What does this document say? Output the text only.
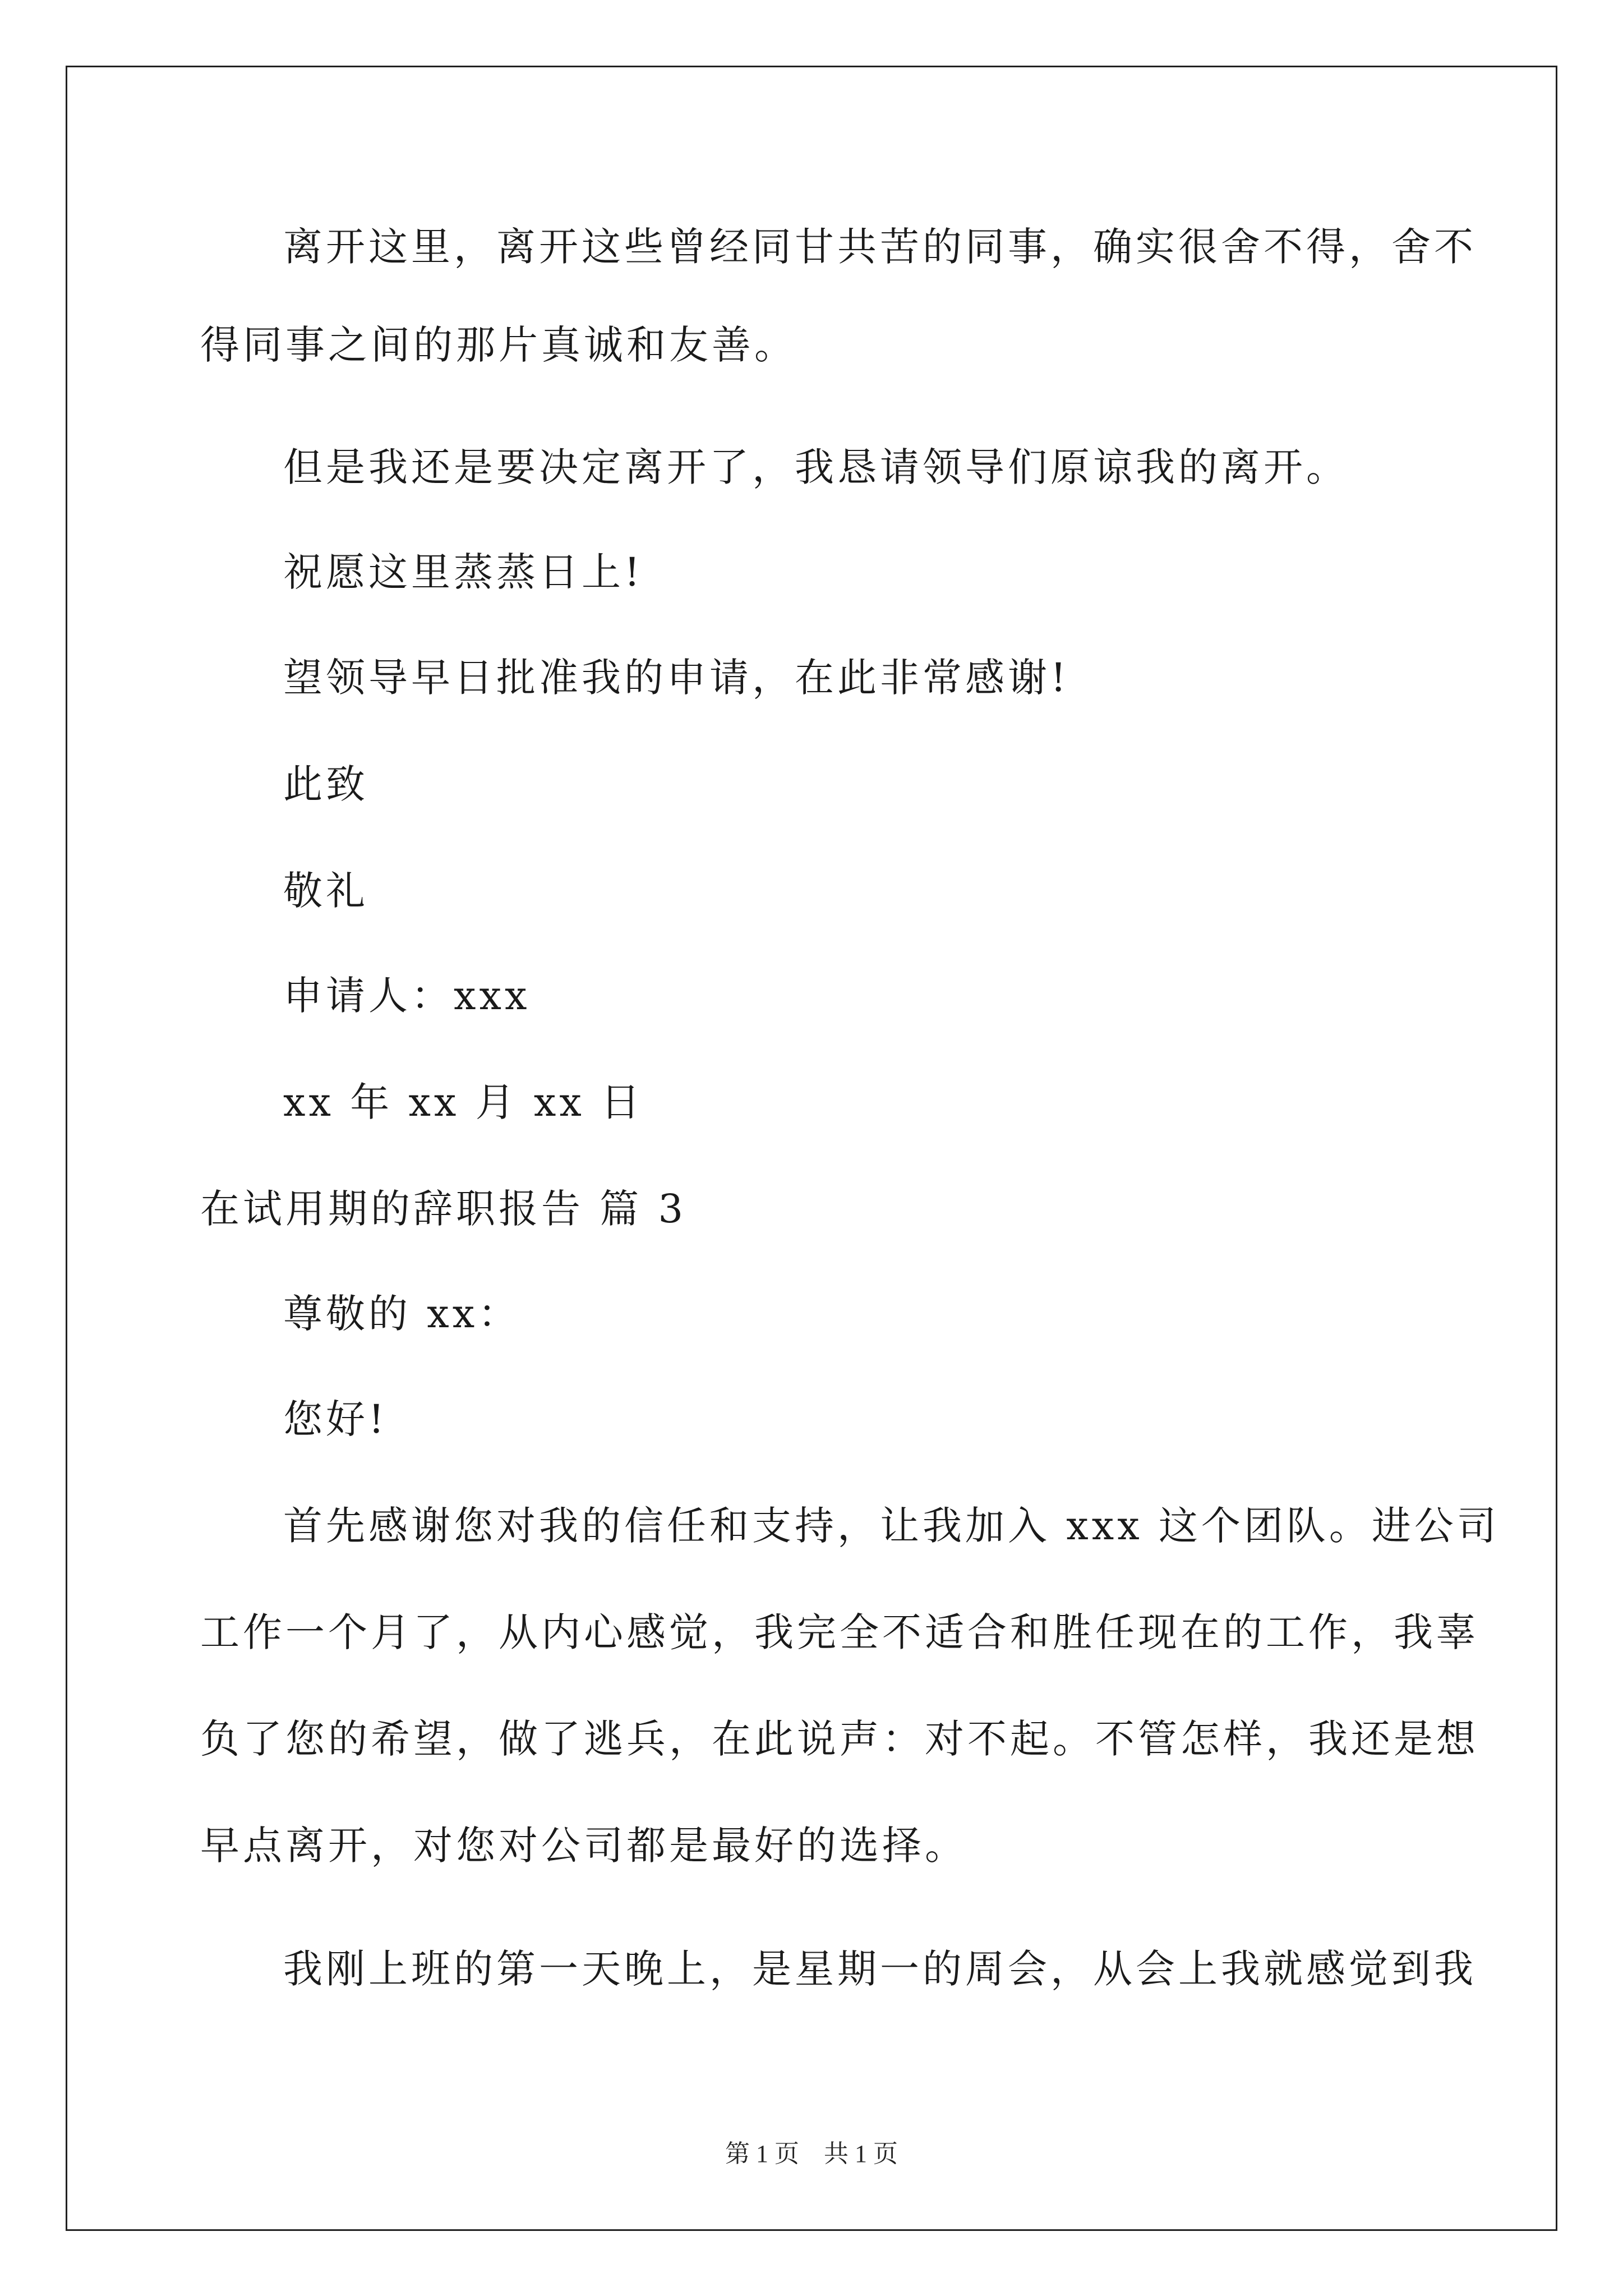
离开这里，离开这些曾经同甘共苦的同事，确实很舍不得，舍不
得同事之间的那片真诚和友善。
但是我还是要决定离开了，我恳请领导们原谅我的离开。
祝愿这里蒸蒸日上!
望领导早日批准我的申请，在此非常感谢!
此致
敬礼
申请人：xxx
xx 年 xx 月 xx 日
在试用期的辞职报告 篇 3
尊敬的 xx：
您好!
首先感谢您对我的信任和支持，让我加入 xxx 这个团队。进公司
工作一个月了，从内心感觉，我完全不适合和胜任现在的工作，我辜
负了您的希望，做了逃兵，在此说声：对不起。不管怎样，我还是想
早点离开，对您对公司都是最好的选择。
我刚上班的第一天晚上，是星期一的周会，从会上我就感觉到我
第 1 页　共 1 页
